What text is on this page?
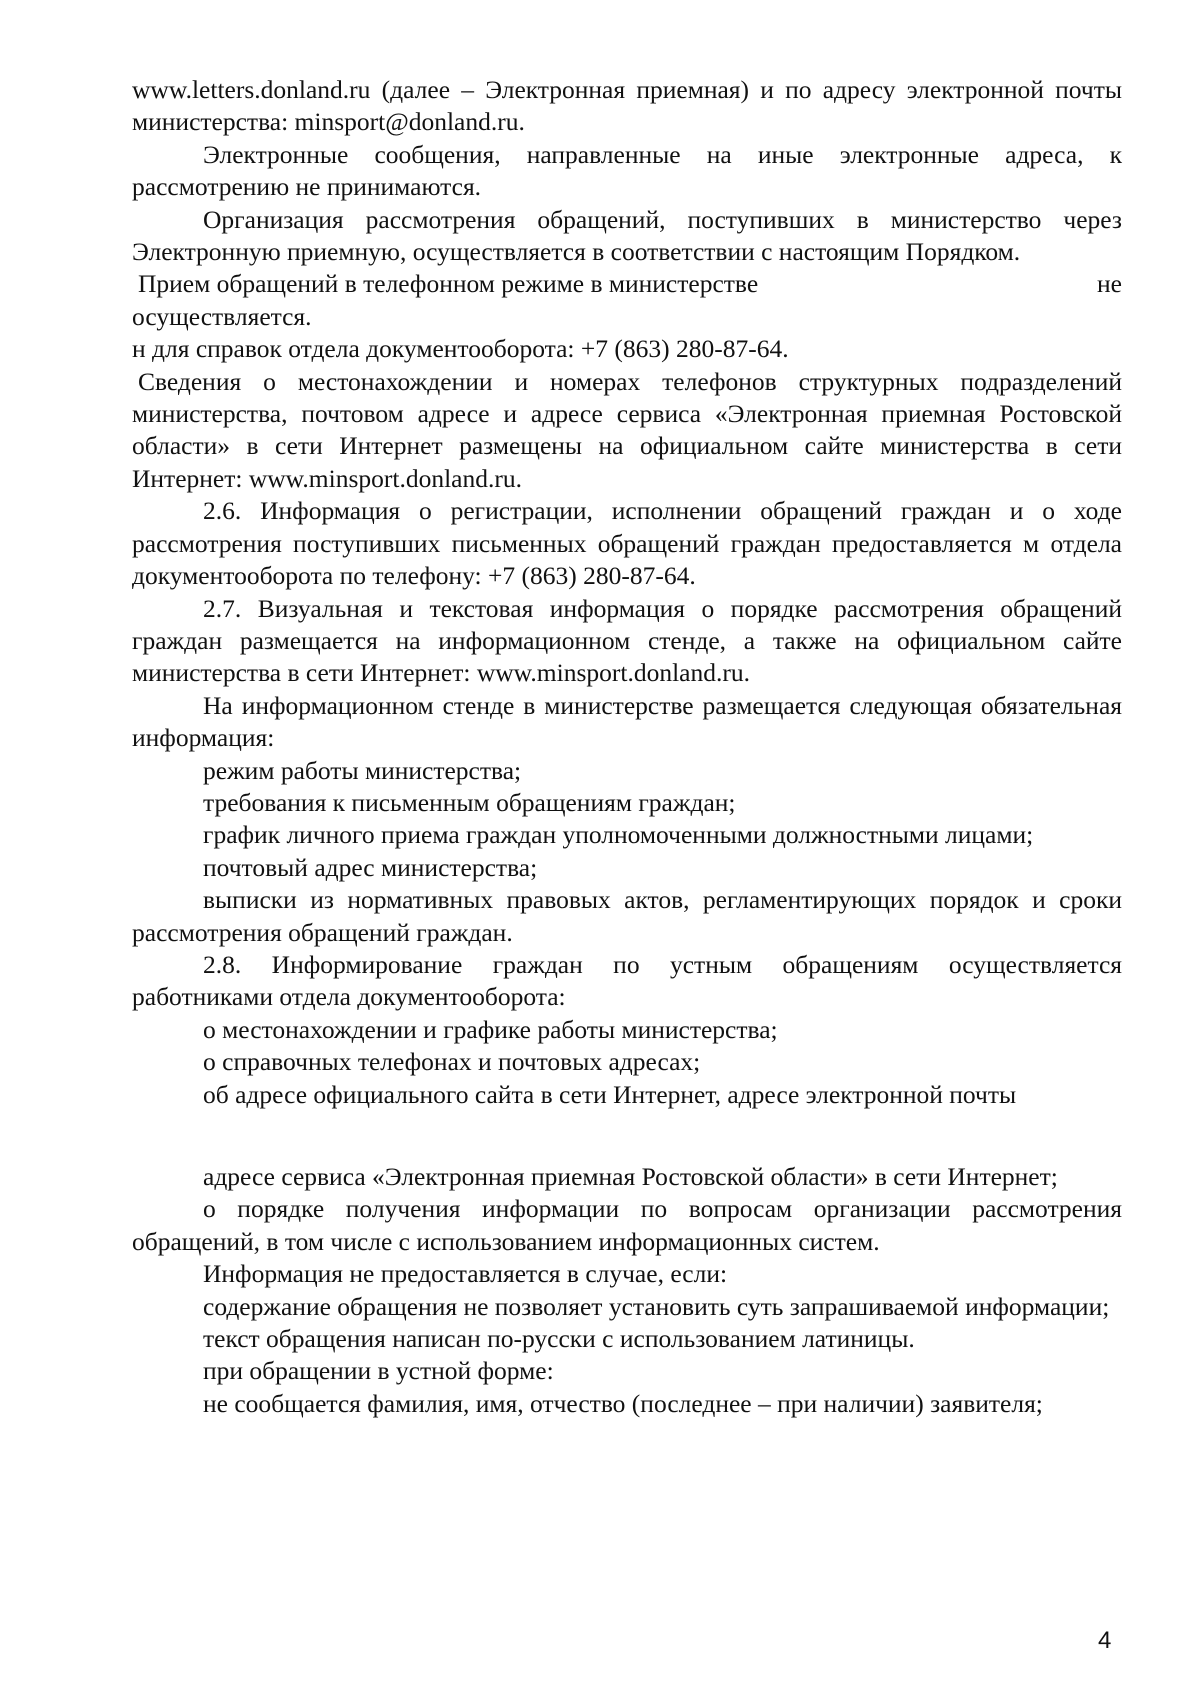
www.letters.donland.ru (далее – Электронная приемная) и по адресу электронной почты министерства: minsport@donland.ru.

Электронные сообщения, направленные на иные электронные адреса, к рассмотрению не принимаются.

Организация рассмотрения обращений, поступивших в министерство через Электронную приемную, осуществляется в соответствии с настоящим Порядком.

Прием обращений в телефонном режиме в министерстве	не

осуществляется.

н для справок отдела документооборота: +7 (863) 280-87-64.

Сведения о местонахождении и номерах телефонов структурных подразделений министерства, почтовом адресе и адресе сервиса «Электронная приемная Ростовской области» в сети Интернет размещены на официальном сайте министерства в сети Интернет: www.minsport.donland.ru.

2.6. Информация о регистрации, исполнении обращений граждан и о ходе рассмотрения поступивших письменных обращений граждан предоставляется м отдела документооборота по телефону: +7 (863) 280-87-64.

2.7. Визуальная и текстовая информация о порядке рассмотрения обращений граждан размещается на информационном стенде, а также на официальном сайте министерства в сети Интернет: www.minsport.donland.ru.

На информационном стенде в министерстве размещается следующая обязательная информация:

режим работы министерства;

требования к письменным обращениям граждан;

график личного приема граждан уполномоченными должностными лицами;

почтовый адрес министерства;

выписки из нормативных правовых актов, регламентирующих порядок и сроки рассмотрения обращений граждан.

2.8. Информирование граждан по устным обращениям осуществляется работниками отдела документооборота:

о местонахождении и графике работы министерства;

о справочных телефонах и почтовых адресах;

об адресе официального сайта в сети Интернет, адресе электронной почты

адресе сервиса «Электронная приемная Ростовской области» в сети Интернет;

о порядке получения информации по вопросам организации рассмотрения обращений, в том числе с использованием информационных систем.

Информация не предоставляется в случае, если:

содержание обращения не позволяет установить суть запрашиваемой информации;

текст обращения написан по-русски с использованием латиницы.

при обращении в устной форме:

не сообщается фамилия, имя, отчество (последнее – при наличии) заявителя;

4
